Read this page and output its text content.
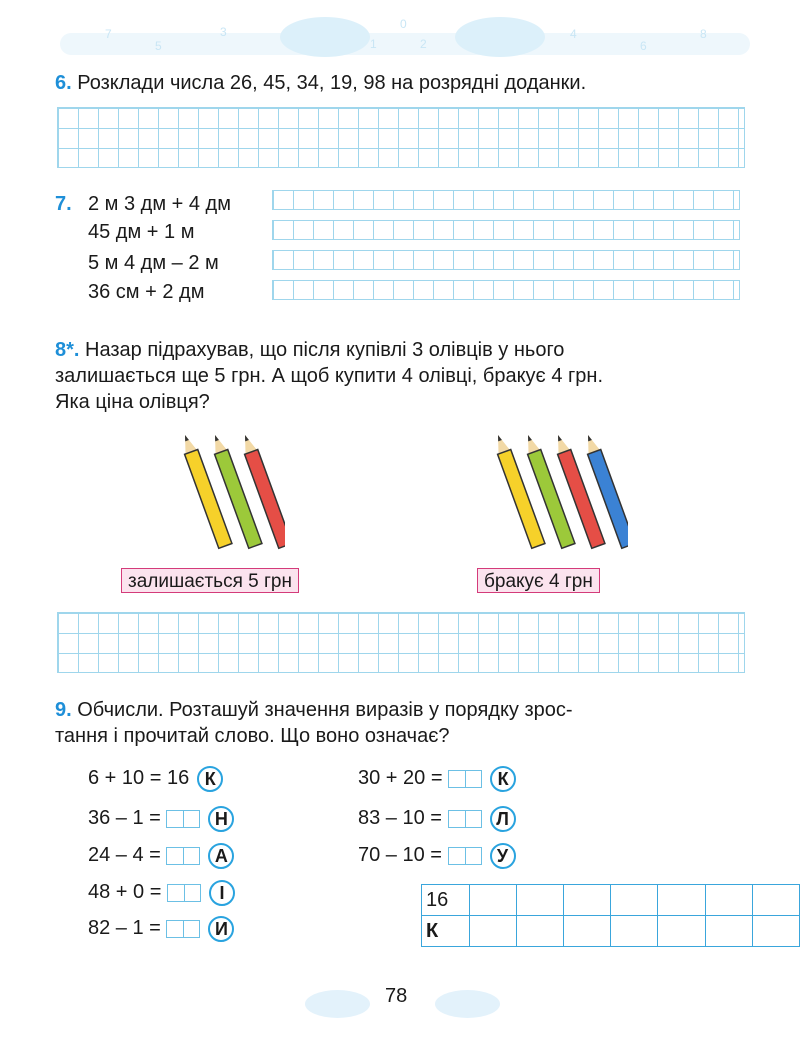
7
5
3
1
0
2
4
6
8
6. Розклади числа 26, 45, 34, 19, 98 на розрядні доданки.
7. 2 м 3 дм + 4 дм
45 дм + 1 м
5 м 4 дм – 2 м
36 см + 2 дм
8*. Назар підрахував, що після купівлі 3 олівців у нього
залишається ще 5 грн. А щоб купити 4 олівці, бракує 4 грн.
Яка ціна олівця?
залишається 5 грн	бракує 4 грн
9. Обчисли. Розташуй значення виразів у порядку зрос-
тання і прочитай слово. Що воно означає?
6 + 10 = 16 К
36 – 1 =	Н
24 – 4 =	А
48 + 0 =	І
82 – 1 =	И
30 + 20 =	К
83 – 10 =	Л
70 – 10 =	У
16							
К							
78
